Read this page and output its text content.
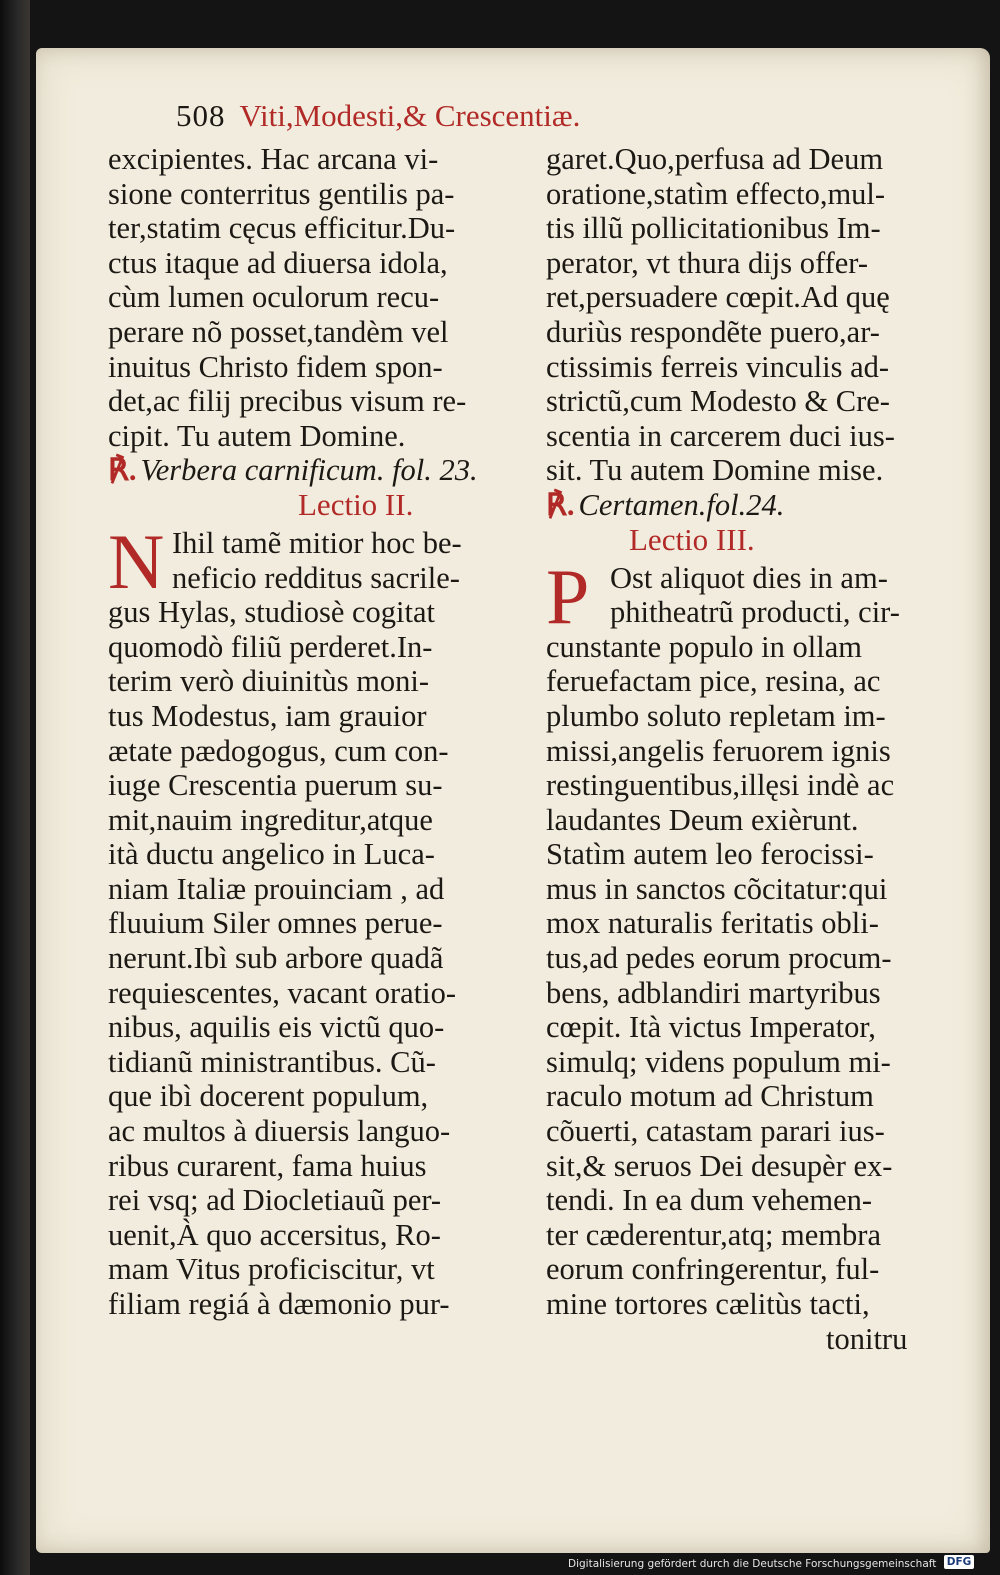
508 Viti,Modesti,& Crescentiæ.
excipientes. Hac arcana vi-
sione conterritus gentilis pa-
ter,statim cęcus efficitur.Du-
ctus itaque ad diuersa idola,
cùm lumen oculorum recu-
perare nõ posset,tandèm vel
inuitus Christo fidem spon-
det,ac filij precibus visum re-
cipit. Tu autem Domine.
℟. Verbera carnificum. fol. 23.
Lectio II.
N Ihil tamẽ mitior hoc be-
neficio redditus sacrile-
gus Hylas, studiosè cogitat
quomodò filiũ perderet.In-
terim verò diuinitùs moni-
tus Modestus, iam grauior
ætate pædogogus, cum con-
iuge Crescentia puerum su-
mit,nauim ingreditur,atque
ità ductu angelico in Luca-
niam Italiæ prouinciam , ad
fluuium Siler omnes perue-
nerunt.Ibì sub arbore quadã
requiescentes, vacant oratio-
nibus, aquilis eis victũ quo-
tidianũ ministrantibus. Cũ-
que ibì docerent populum,
ac multos à diuersis languo-
ribus curarent, fama huius
rei vsq; ad Diocletiauũ per-
uenit,À quo accersitus, Ro-
mam Vitus proficiscitur, vt
filiam regiá à dæmonio pur-
garet.Quo,perfusa ad Deum
oratione,statìm effecto,mul-
tis illũ pollicitationibus Im-
perator, vt thura dijs offer-
ret,persuadere cœpit.Ad quę
duriùs respondẽte puero,ar-
ctissimis ferreis vinculis ad-
strictũ,cum Modesto & Cre-
scentia in carcerem duci ius-
sit. Tu autem Domine mise.
℟. Certamen.fol.24.
Lectio III.
P Ost aliquot dies in am-
phitheatrũ producti, cir-
cunstante populo in ollam
feruefactam pice, resina, ac
plumbo soluto repletam im-
missi,angelis feruorem ignis
restinguentibus,illęsi indè ac
laudantes Deum exièrunt.
Statìm autem leo ferocissi-
mus in sanctos cõcitatur:qui
mox naturalis feritatis obli-
tus,ad pedes eorum procum-
bens, adblandiri martyribus
cœpit. Ità victus Imperator,
simulq; videns populum mi-
raculo motum ad Christum
cõuerti, catastam parari ius-
sit,& seruos Dei desupèr ex-
tendi. In ea dum vehemen-
ter cæderentur,atq; membra
eorum confringerentur, ful-
mine tortores cælitùs tacti,
tonitru
Digitalisierung gefördert durch die Deutsche Forschungsgemeinschaft DFG
